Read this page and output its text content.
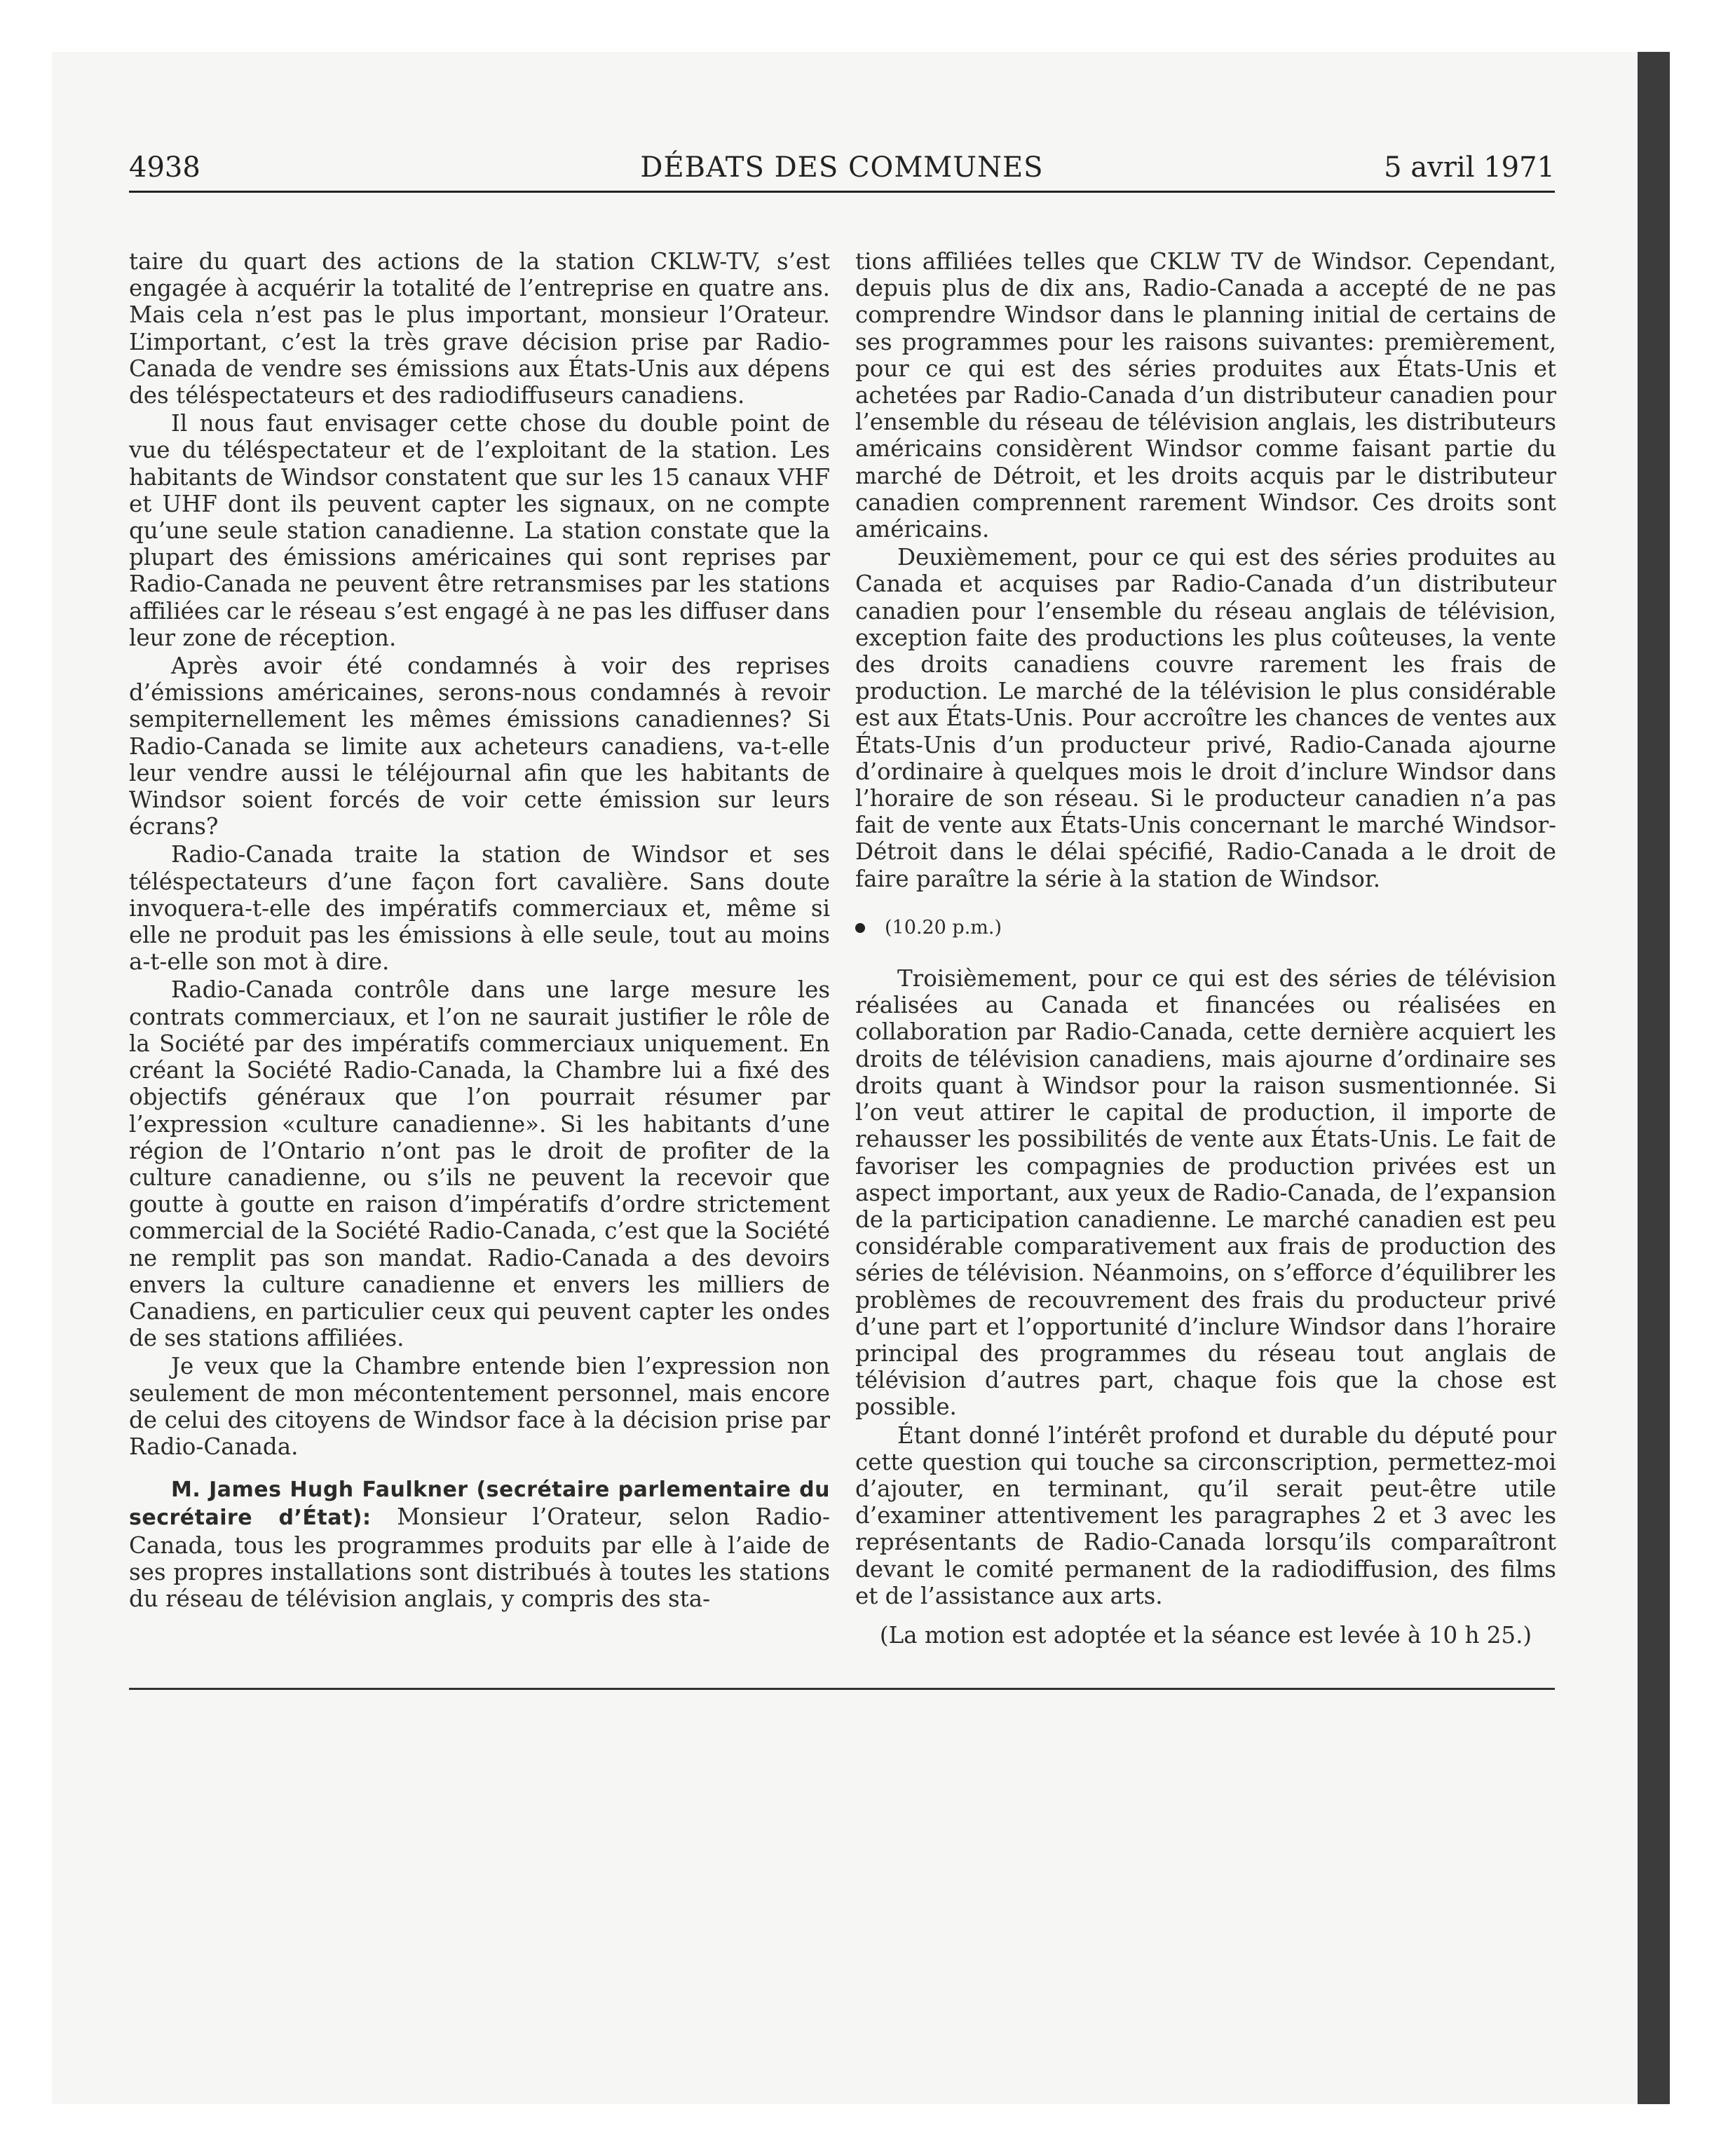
4938	DÉBATS DES COMMUNES	5 avril 1971

taire du quart des actions de la station CKLW-TV, s’est engagée à acquérir la totalité de l’entreprise en quatre ans. Mais cela n’est pas le plus important, monsieur l’Orateur. L’important, c’est la très grave décision prise par Radio-Canada de vendre ses émissions aux États-Unis aux dépens des téléspectateurs et des radiodiffuseurs canadiens.

Il nous faut envisager cette chose du double point de vue du téléspectateur et de l’exploitant de la station. Les habitants de Windsor constatent que sur les 15 canaux VHF et UHF dont ils peuvent capter les signaux, on ne compte qu’une seule station canadienne. La station constate que la plupart des émissions américaines qui sont reprises par Radio-Canada ne peuvent être retransmises par les stations affiliées car le réseau s’est engagé à ne pas les diffuser dans leur zone de réception.

Après avoir été condamnés à voir des reprises d’émissions américaines, serons-nous condamnés à revoir sempiternellement les mêmes émissions canadiennes? Si Radio-Canada se limite aux acheteurs canadiens, va-t-elle leur vendre aussi le téléjournal afin que les habitants de Windsor soient forcés de voir cette émission sur leurs écrans?

Radio-Canada traite la station de Windsor et ses téléspectateurs d’une façon fort cavalière. Sans doute invoquera-t-elle des impératifs commerciaux et, même si elle ne produit pas les émissions à elle seule, tout au moins a-t-elle son mot à dire.

Radio-Canada contrôle dans une large mesure les contrats commerciaux, et l’on ne saurait justifier le rôle de la Société par des impératifs commerciaux uniquement. En créant la Société Radio-Canada, la Chambre lui a fixé des objectifs généraux que l’on pourrait résumer par l’expression «culture canadienne». Si les habitants d’une région de l’Ontario n’ont pas le droit de profiter de la culture canadienne, ou s’ils ne peuvent la recevoir que goutte à goutte en raison d’impératifs d’ordre strictement commercial de la Société Radio-Canada, c’est que la Société ne remplit pas son mandat. Radio-Canada a des devoirs envers la culture canadienne et envers les milliers de Canadiens, en particulier ceux qui peuvent capter les ondes de ses stations affiliées.

Je veux que la Chambre entende bien l’expression non seulement de mon mécontentement personnel, mais encore de celui des citoyens de Windsor face à la décision prise par Radio-Canada.

M. James Hugh Faulkner (secrétaire parlementaire du secrétaire d’État): Monsieur l’Orateur, selon Radio-Canada, tous les programmes produits par elle à l’aide de ses propres installations sont distribués à toutes les stations du réseau de télévision anglais, y compris des sta-

tions affiliées telles que CKLW TV de Windsor. Cependant, depuis plus de dix ans, Radio-Canada a accepté de ne pas comprendre Windsor dans le planning initial de certains de ses programmes pour les raisons suivantes: premièrement, pour ce qui est des séries produites aux États-Unis et achetées par Radio-Canada d’un distributeur canadien pour l’ensemble du réseau de télévision anglais, les distributeurs américains considèrent Windsor comme faisant partie du marché de Détroit, et les droits acquis par le distributeur canadien comprennent rarement Windsor. Ces droits sont américains.

Deuxièmement, pour ce qui est des séries produites au Canada et acquises par Radio-Canada d’un distributeur canadien pour l’ensemble du réseau anglais de télévision, exception faite des productions les plus coûteuses, la vente des droits canadiens couvre rarement les frais de production. Le marché de la télévision le plus considérable est aux États-Unis. Pour accroître les chances de ventes aux États-Unis d’un producteur privé, Radio-Canada ajourne d’ordinaire à quelques mois le droit d’inclure Windsor dans l’horaire de son réseau. Si le producteur canadien n’a pas fait de vente aux États-Unis concernant le marché Windsor-Détroit dans le délai spécifié, Radio-Canada a le droit de faire paraître la série à la station de Windsor.

(10.20 p.m.)

Troisièmement, pour ce qui est des séries de télévision réalisées au Canada et financées ou réalisées en collaboration par Radio-Canada, cette dernière acquiert les droits de télévision canadiens, mais ajourne d’ordinaire ses droits quant à Windsor pour la raison susmentionnée. Si l’on veut attirer le capital de production, il importe de rehausser les possibilités de vente aux États-Unis. Le fait de favoriser les compagnies de production privées est un aspect important, aux yeux de Radio-Canada, de l’expansion de la participation canadienne. Le marché canadien est peu considérable comparativement aux frais de production des séries de télévision. Néanmoins, on s’efforce d’équilibrer les problèmes de recouvrement des frais du producteur privé d’une part et l’opportunité d’inclure Windsor dans l’horaire principal des programmes du réseau tout anglais de télévision d’autres part, chaque fois que la chose est possible.

Étant donné l’intérêt profond et durable du député pour cette question qui touche sa circonscription, permettez-moi d’ajouter, en terminant, qu’il serait peut-être utile d’examiner attentivement les paragraphes 2 et 3 avec les représentants de Radio-Canada lorsqu’ils comparaîtront devant le comité permanent de la radiodiffusion, des films et de l’assistance aux arts.

(La motion est adoptée et la séance est levée à 10 h 25.)
